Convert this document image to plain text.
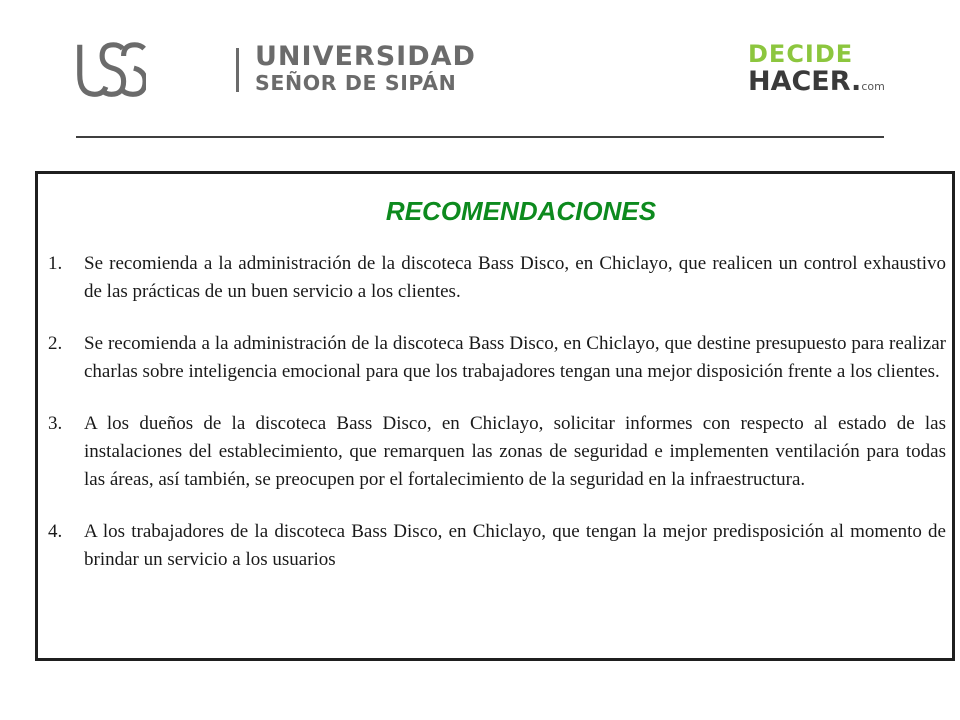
UNIVERSIDAD
SEÑOR DE SIPÁN
DECIDE
HACER.com
RECOMENDACIONES
1. Se recomienda a la administración de la discoteca Bass Disco, en Chiclayo, que realicen un control exhaustivo de las prácticas de un buen servicio a los clientes.
2. Se recomienda a la administración de la discoteca Bass Disco, en Chiclayo, que destine presupuesto para realizar charlas sobre inteligencia emocional para que los trabajadores tengan una mejor disposición frente a los clientes.
3. A los dueños de la discoteca Bass Disco, en Chiclayo, solicitar informes con respecto al estado de las instalaciones del establecimiento, que remarquen las zonas de seguridad e implementen ventilación para todas las áreas, así también, se preocupen por el fortalecimiento de la seguridad en la infraestructura.
4. A los trabajadores de la discoteca Bass Disco, en Chiclayo, que tengan la mejor predisposición al momento de brindar un servicio a los usuarios
